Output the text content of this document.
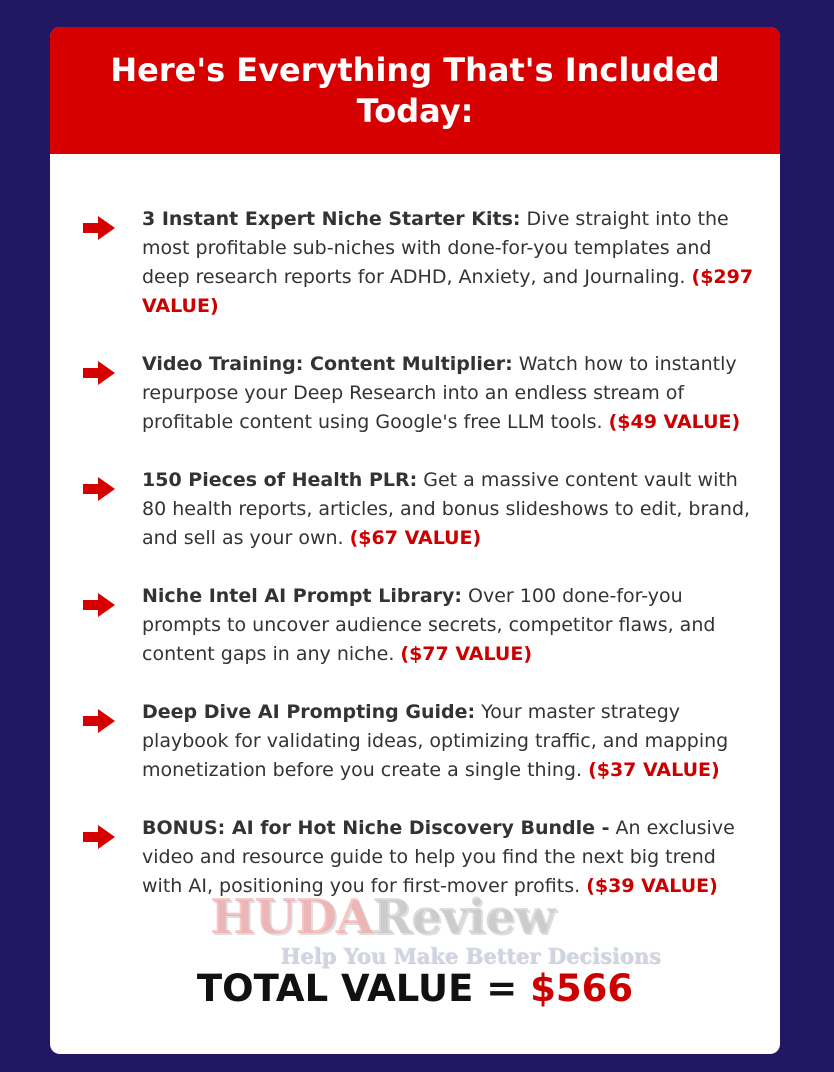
Here's Everything That's Included Today:
3 Instant Expert Niche Starter Kits: Dive straight into the most profitable sub-niches with done-for-you templates and deep research reports for ADHD, Anxiety, and Journaling. ($297 VALUE)
Video Training: Content Multiplier: Watch how to instantly repurpose your Deep Research into an endless stream of profitable content using Google's free LLM tools. ($49 VALUE)
150 Pieces of Health PLR: Get a massive content vault with 80 health reports, articles, and bonus slideshows to edit, brand, and sell as your own. ($67 VALUE)
Niche Intel AI Prompt Library: Over 100 done-for-you prompts to uncover audience secrets, competitor flaws, and content gaps in any niche. ($77 VALUE)
Deep Dive AI Prompting Guide: Your master strategy playbook for validating ideas, optimizing traffic, and mapping monetization before you create a single thing. ($37 VALUE)
BONUS: AI for Hot Niche Discovery Bundle - An exclusive video and resource guide to help you find the next big trend with AI, positioning you for first-mover profits. ($39 VALUE)
HUDAReview
Help You Make Better Decisions
TOTAL VALUE = $566
